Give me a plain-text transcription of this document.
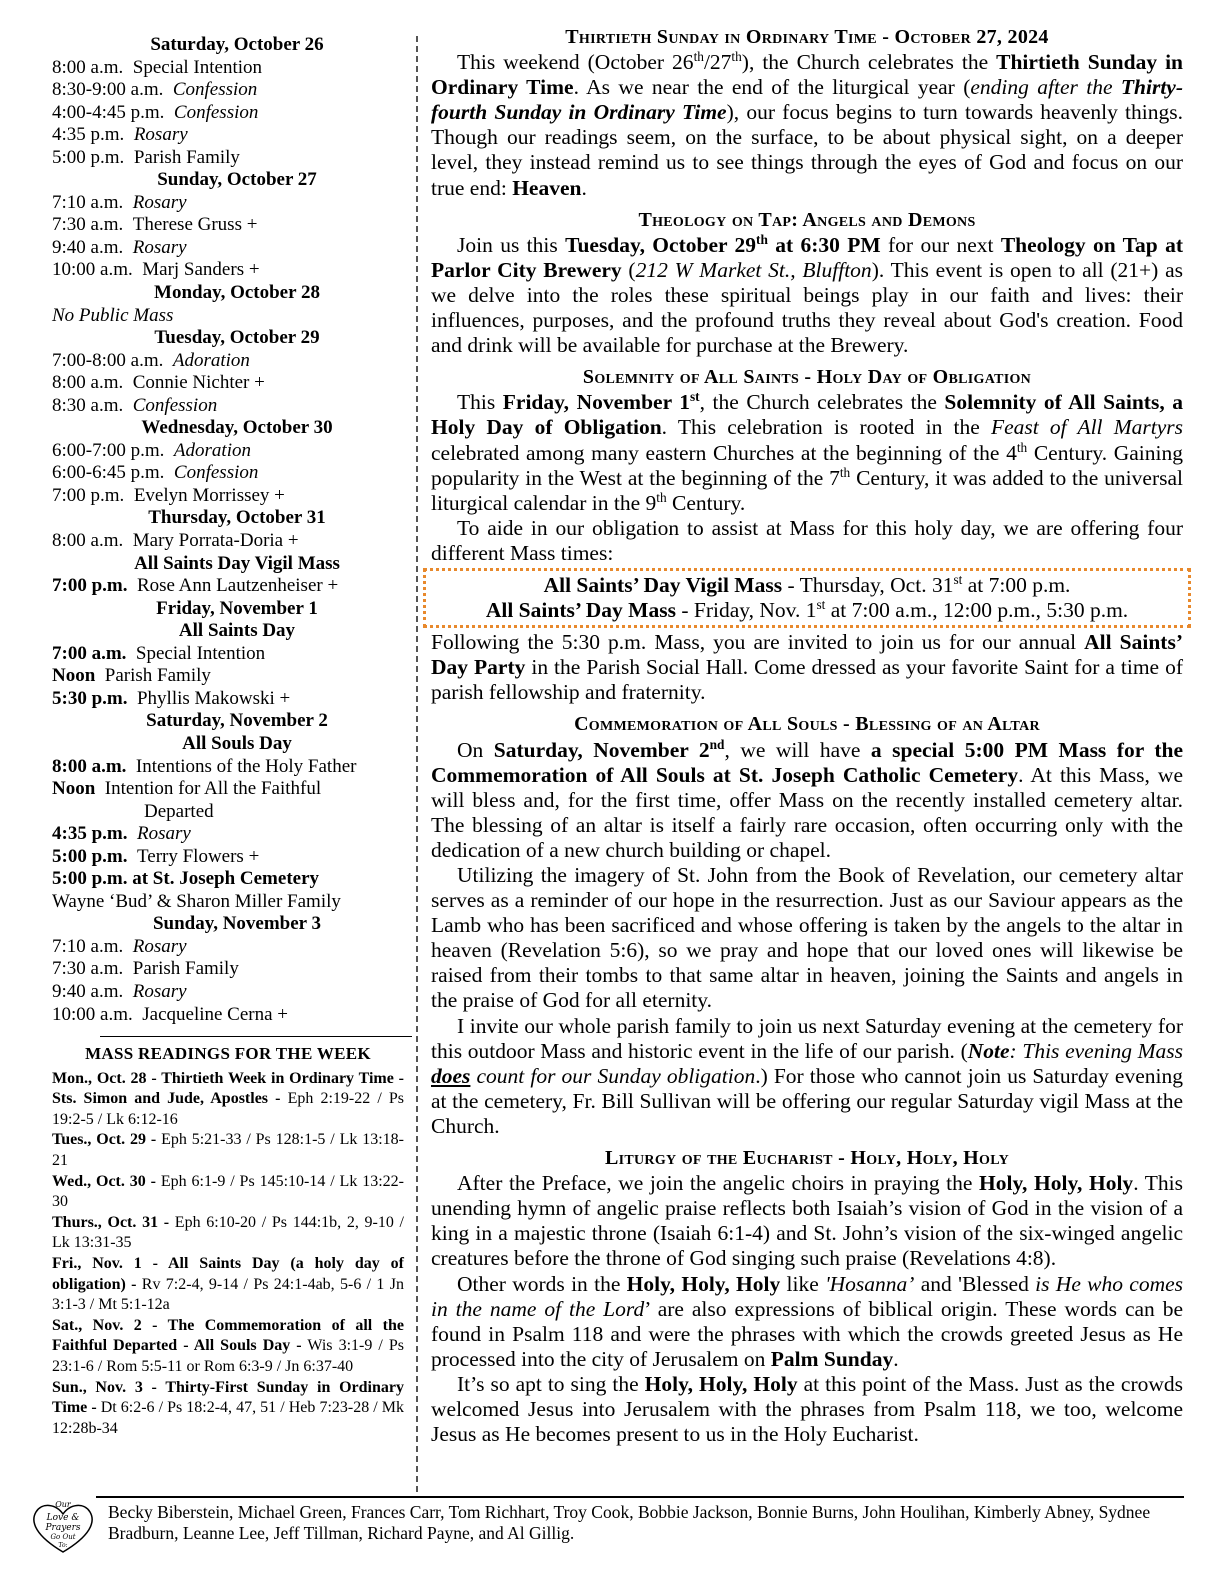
Saturday, October 26
8:00 a.m. Special Intention
8:30-9:00 a.m. Confession
4:00-4:45 p.m. Confession
4:35 p.m. Rosary
5:00 p.m. Parish Family
Sunday, October 27
7:10 a.m. Rosary
7:30 a.m. Therese Gruss +
9:40 a.m. Rosary
10:00 a.m. Marj Sanders +
Monday, October 28
No Public Mass
Tuesday, October 29
7:00-8:00 a.m. Adoration
8:00 a.m. Connie Nichter +
8:30 a.m. Confession
Wednesday, October 30
6:00-7:00 p.m. Adoration
6:00-6:45 p.m. Confession
7:00 p.m. Evelyn Morrissey +
Thursday, October 31
8:00 a.m. Mary Porrata-Doria +
All Saints Day Vigil Mass
7:00 p.m. Rose Ann Lautzenheiser +
Friday, November 1
All Saints Day
7:00 a.m. Special Intention
Noon Parish Family
5:30 p.m. Phyllis Makowski +
Saturday, November 2
All Souls Day
8:00 a.m. Intentions of the Holy Father
Noon Intention for All the Faithful
Departed
4:35 p.m. Rosary
5:00 p.m. Terry Flowers +
5:00 p.m. at St. Joseph Cemetery
Wayne ‘Bud’ & Sharon Miller Family
Sunday, November 3
7:10 a.m. Rosary
7:30 a.m. Parish Family
9:40 a.m. Rosary
10:00 a.m. Jacqueline Cerna +
MASS READINGS FOR THE WEEK
Mon., Oct. 28 - Thirtieth Week in Ordinary Time - Sts. Simon and Jude, Apostles - Eph 2:19-22 / Ps 19:2-5 / Lk 6:12-16
Tues., Oct. 29 - Eph 5:21-33 / Ps 128:1-5 / Lk 13:18-21
Wed., Oct. 30 - Eph 6:1-9 / Ps 145:10-14 / Lk 13:22-30
Thurs., Oct. 31 - Eph 6:10-20 / Ps 144:1b, 2, 9-10 / Lk 13:31-35
Fri., Nov. 1 - All Saints Day (a holy day of obligation) - Rv 7:2-4, 9-14 / Ps 24:1-4ab, 5-6 / 1 Jn 3:1-3 / Mt 5:1-12a
Sat., Nov. 2 - The Commemoration of all the Faithful Departed - All Souls Day - Wis 3:1-9 / Ps 23:1-6 / Rom 5:5-11 or Rom 6:3-9 / Jn 6:37-40
Sun., Nov. 3 - Thirty-First Sunday in Ordinary Time - Dt 6:2-6 / Ps 18:2-4, 47, 51 / Heb 7:23-28 / Mk 12:28b-34
Thirtieth Sunday in Ordinary Time - October 27, 2024

This weekend (October 26th/27th), the Church celebrates the Thirtieth Sunday in Ordinary Time. As we near the end of the liturgical year (ending after the Thirty-fourth Sunday in Ordinary Time), our focus begins to turn towards heavenly things. Though our readings seem, on the surface, to be about physical sight, on a deeper level, they instead remind us to see things through the eyes of God and focus on our true end: Heaven.

Theology on Tap: Angels and Demons

Join us this Tuesday, October 29th at 6:30 PM for our next Theology on Tap at Parlor City Brewery (212 W Market St., Bluffton). This event is open to all (21+) as we delve into the roles these spiritual beings play in our faith and lives: their influences, purposes, and the profound truths they reveal about God's creation. Food and drink will be available for purchase at the Brewery.

Solemnity of All Saints - Holy Day of Obligation

This Friday, November 1st, the Church celebrates the Solemnity of All Saints, a Holy Day of Obligation. This celebration is rooted in the Feast of All Martyrs celebrated among many eastern Churches at the beginning of the 4th Century. Gaining popularity in the West at the beginning of the 7th Century, it was added to the universal liturgical calendar in the 9th Century.

To aide in our obligation to assist at Mass for this holy day, we are offering four different Mass times:

All Saints’ Day Vigil Mass - Thursday, Oct. 31st at 7:00 p.m.
All Saints’ Day Mass - Friday, Nov. 1st at 7:00 a.m., 12:00 p.m., 5:30 p.m.

Following the 5:30 p.m. Mass, you are invited to join us for our annual All Saints’ Day Party in the Parish Social Hall. Come dressed as your favorite Saint for a time of parish fellowship and fraternity.

Commemoration of All Souls - Blessing of an Altar

On Saturday, November 2nd, we will have a special 5:00 PM Mass for the Commemoration of All Souls at St. Joseph Catholic Cemetery. At this Mass, we will bless and, for the first time, offer Mass on the recently installed cemetery altar. The blessing of an altar is itself a fairly rare occasion, often occurring only with the dedication of a new church building or chapel.

Utilizing the imagery of St. John from the Book of Revelation, our cemetery altar serves as a reminder of our hope in the resurrection. Just as our Saviour appears as the Lamb who has been sacrificed and whose offering is taken by the angels to the altar in heaven (Revelation 5:6), so we pray and hope that our loved ones will likewise be raised from their tombs to that same altar in heaven, joining the Saints and angels in the praise of God for all eternity.

I invite our whole parish family to join us next Saturday evening at the cemetery for this outdoor Mass and historic event in the life of our parish. (Note: This evening Mass does count for our Sunday obligation.) For those who cannot join us Saturday evening at the cemetery, Fr. Bill Sullivan will be offering our regular Saturday vigil Mass at the Church.

Liturgy of the Eucharist - Holy, Holy, Holy

After the Preface, we join the angelic choirs in praying the Holy, Holy, Holy. This unending hymn of angelic praise reflects both Isaiah’s vision of God in the vision of a king in a majestic throne (Isaiah 6:1-4) and St. John’s vision of the six-winged angelic creatures before the throne of God singing such praise (Revelations 4:8).

Other words in the Holy, Holy, Holy like 'Hosanna’ and 'Blessed is He who comes in the name of the Lord’ are also expressions of biblical origin. These words can be found in Psalm 118 and were the phrases with which the crowds greeted Jesus as He processed into the city of Jerusalem on Palm Sunday.

It’s so apt to sing the Holy, Holy, Holy at this point of the Mass. Just as the crowds welcomed Jesus into Jerusalem with the phrases from Psalm 118, we too, welcome Jesus as He becomes present to us in the Holy Eucharist.

Our
Love &
Prayers
Go Out
To:
Becky Biberstein, Michael Green, Frances Carr, Tom Richhart, Troy Cook, Bobbie Jackson, Bonnie Burns, John Houlihan, Kimberly Abney, Sydnee Bradburn, Leanne Lee, Jeff Tillman, Richard Payne, and Al Gillig.
